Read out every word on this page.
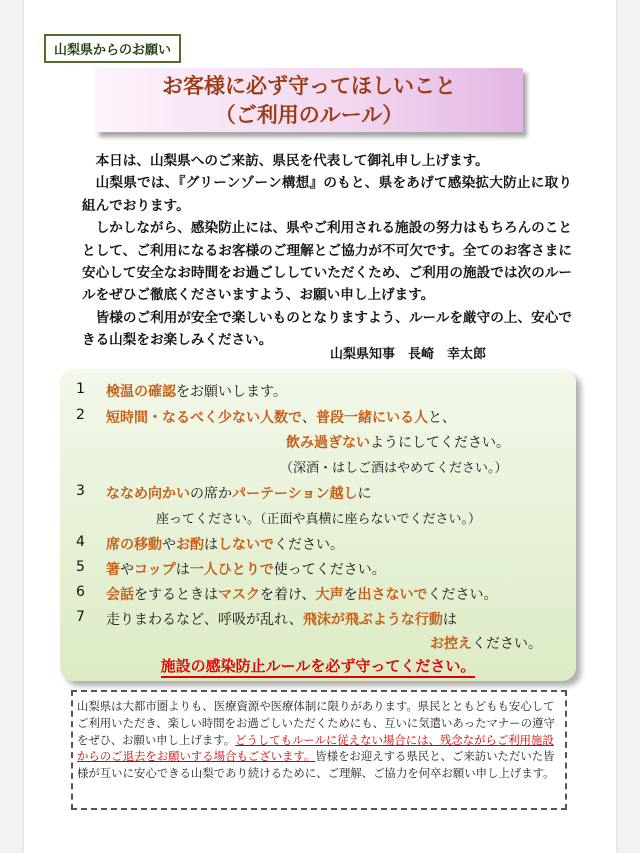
山梨県からのお願い
お客様に必ず守ってほしいこと
（ご利用のルール）

本日は、山梨県へのご来訪、県民を代表して御礼申し上げます。

山梨県では、『グリーンゾーン構想』のもと、県をあげて感染拡大防止に取り組んでおります。

しかしながら、感染防止には、県やご利用される施設の努力はもちろんのこととして、ご利用になるお客様のご理解とご協力が不可欠です。全てのお客さまに安心して安全なお時間をお過ごししていただくため、ご利用の施設では次のルールをぜひご徹底くださいますよう、お願い申し上げます。

皆様のご利用が安全で楽しいものとなりますよう、ルールを厳守の上、安心できる山梨をお楽しみください。

山梨県知事　長崎　幸太郎
1 検温の確認をお願いします。
2 短時間・なるべく少ない人数で、普段一緒にいる人と、
飲み過ぎないようにしてください。
（深酒・はしご酒はやめてください。）
3 ななめ向かいの席かパーテーション越しに
座ってください。（正面や真横に座らないでください。）
4 席の移動やお酌はしないでください。
5 箸やコップは一人ひとりで使ってください。
6 会話をするときはマスクを着け、大声を出さないでください。
7 走りまわるなど、呼吸が乱れ、飛沫が飛ぶような行動は
お控えください。
施設の感染防止ルールを必ず守ってください。
山梨県は大都市圏よりも、医療資源や医療体制に限りがあります。県民とともどもも安心してご利用いただき、楽しい時間をお過ごしいただくためにも、互いに気遣いあったマナーの遵守をぜひ、お願い申し上げます。どうしてもルールに従えない場合には、残念ながらご利用施設からのご退去をお願いする場合もございます。皆様をお迎えする県民と、ご来訪いただいた皆様が互いに安心できる山梨であり続けるために、ご理解、ご協力を何卒お願い申し上げます。
